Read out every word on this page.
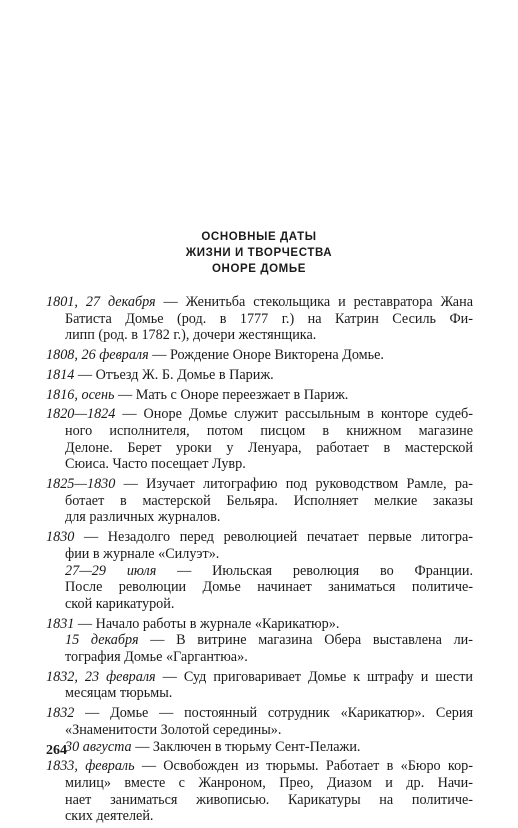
ОСНОВНЫЕ ДАТЫ
ЖИЗНИ И ТВОРЧЕСТВА
ОНОРЕ ДОМЬЕ
1801, 27 декабря — Женитьба стекольщика и реставратора Жана
Батиста Домье (род. в 1777 г.) на Катрин Сесиль Фи-
липп (род. в 1782 г.), дочери жестянщика.
1808, 26 февраля — Рождение Оноре Викторена Домье.
1814 — Отъезд Ж. Б. Домье в Париж.
1816, осень — Мать с Оноре переезжает в Париж.
1820—1824 — Оноре Домье служит рассыльным в конторе судеб-
ного исполнителя, потом писцом в книжном магазине
Делоне. Берет уроки у Ленуара, работает в мастерской
Сюиса. Часто посещает Лувр.
1825—1830 — Изучает литографию под руководством Рамле, ра-
ботает в мастерской Бельяра. Исполняет мелкие заказы
для различных журналов.
1830 — Незадолго перед революцией печатает первые литогра-
фии в журнале «Силуэт».
27—29 июля — Июльская революция во Франции.
После революции Домье начинает заниматься политиче-
ской карикатурой.
1831 — Начало работы в журнале «Карикатюр».
15 декабря — В витрине магазина Обера выставлена ли-
тография Домье «Гаргантюа».
1832, 23 февраля — Суд приговаривает Домье к штрафу и шести
месяцам тюрьмы.
1832 — Домье — постоянный сотрудник «Карикатюр». Серия
«Знаменитости Золотой середины».
30 августа — Заключен в тюрьму Сент-Пелажи.
1833, февраль — Освобожден из тюрьмы. Работает в «Бюро кор-
милиц» вместе с Жанроном, Прео, Диазом и др. Начи-
нает заниматься живописью. Карикатуры на политиче-
ских деятелей.
264
